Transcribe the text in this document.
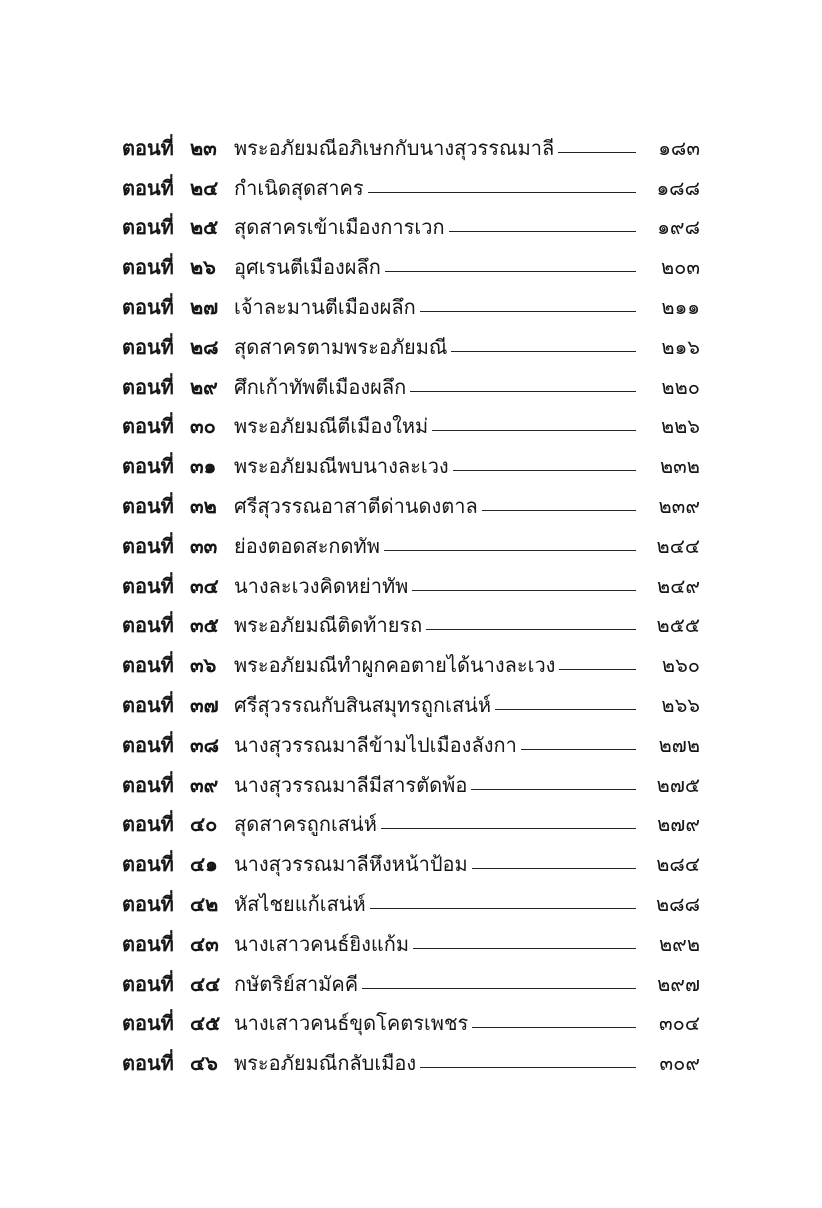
ตอนที่ ๒๓ พระอภัยมณีอภิเษกกับนางสุวรรณมาลี	๑๘๓
ตอนที่ ๒๔ กำเนิดสุดสาคร	๑๘๘
ตอนที่ ๒๕ สุดสาครเข้าเมืองการเวก	๑๙๘
ตอนที่ ๒๖ อุศเรนตีเมืองผลึก	๒๐๓
ตอนที่ ๒๗ เจ้าละมานตีเมืองผลึก	๒๑๑
ตอนที่ ๒๘ สุดสาครตามพระอภัยมณี	๒๑๖
ตอนที่ ๒๙ ศึกเก้าทัพตีเมืองผลึก	๒๒๐
ตอนที่ ๓๐ พระอภัยมณีตีเมืองใหม่	๒๒๖
ตอนที่ ๓๑ พระอภัยมณีพบนางละเวง	๒๓๒
ตอนที่ ๓๒ ศรีสุวรรณอาสาตีด่านดงตาล	๒๓๙
ตอนที่ ๓๓ ย่องตอดสะกดทัพ	๒๔๔
ตอนที่ ๓๔ นางละเวงคิดหย่าทัพ	๒๔๙
ตอนที่ ๓๕ พระอภัยมณีติดท้ายรถ	๒๕๕
ตอนที่ ๓๖ พระอภัยมณีทำผูกคอตายได้นางละเวง	๒๖๐
ตอนที่ ๓๗ ศรีสุวรรณกับสินสมุทรถูกเสน่ห์	๒๖๖
ตอนที่ ๓๘ นางสุวรรณมาลีข้ามไปเมืองลังกา	๒๗๒
ตอนที่ ๓๙ นางสุวรรณมาลีมีสารตัดพ้อ	๒๗๕
ตอนที่ ๔๐ สุดสาครถูกเสน่ห์	๒๗๙
ตอนที่ ๔๑ นางสุวรรณมาลีหึงหน้าป้อม	๒๘๔
ตอนที่ ๔๒ หัสไชยแก้เสน่ห์	๒๘๘
ตอนที่ ๔๓ นางเสาวคนธ์ยิงแก้ม	๒๙๒
ตอนที่ ๔๔ กษัตริย์สามัคคี	๒๙๗
ตอนที่ ๔๕ นางเสาวคนธ์ขุดโคตรเพชร	๓๐๔
ตอนที่ ๔๖ พระอภัยมณีกลับเมือง	๓๐๙
